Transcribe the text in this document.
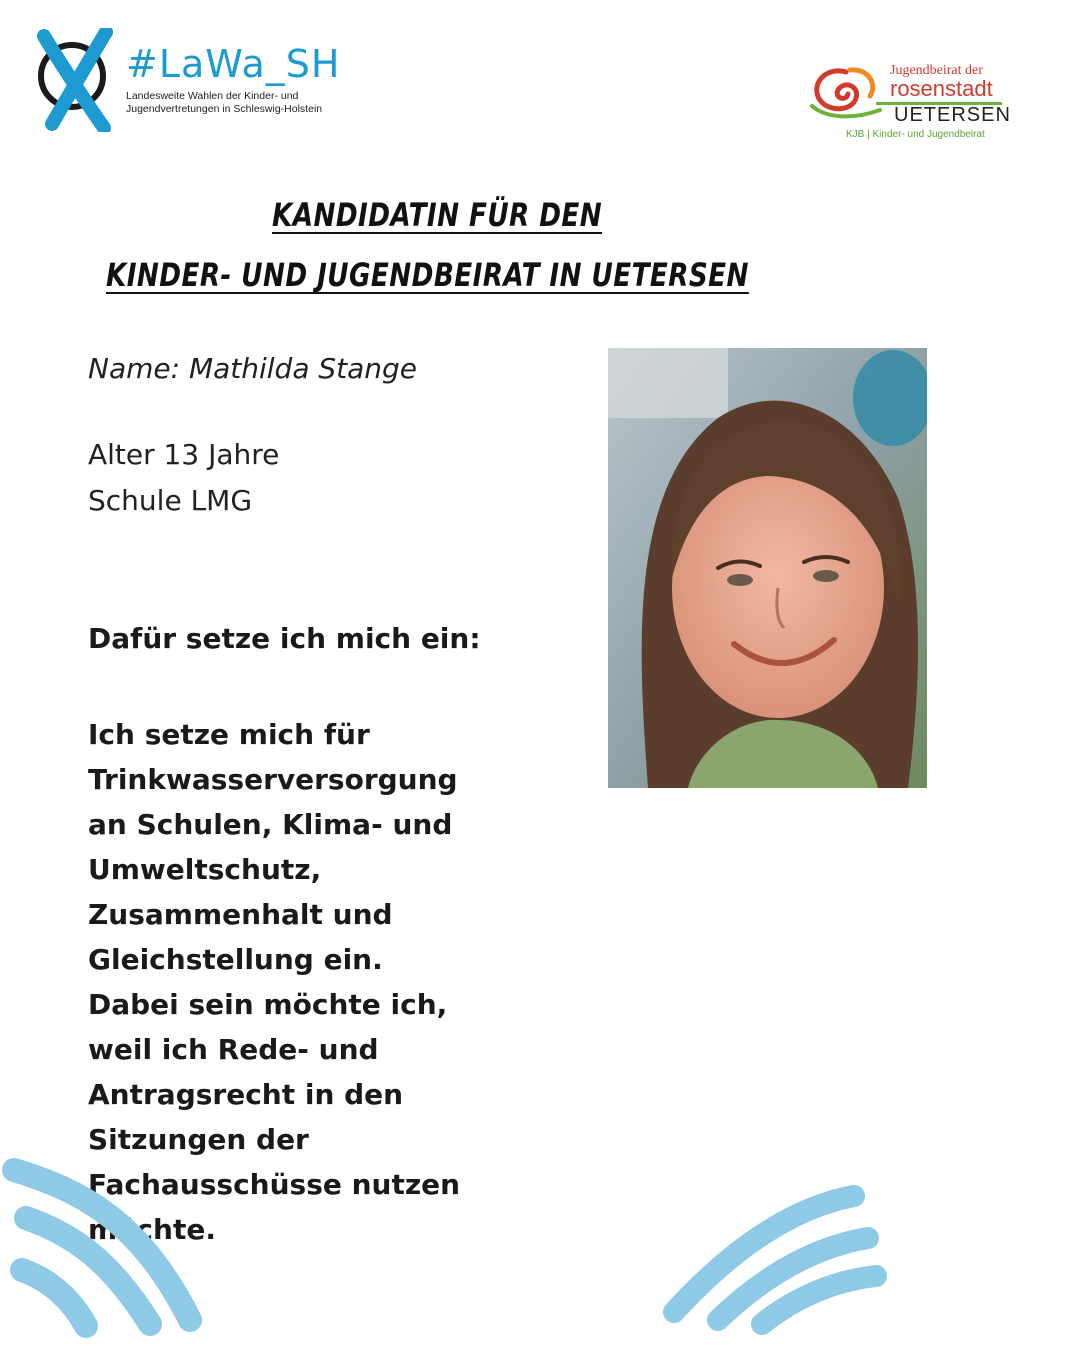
#LaWa_SH
Landesweite Wahlen der Kinder- und Jugendvertretungen in Schleswig-Holstein
Jugendbeirat der
rosenstadt
UETERSEN
KJB | Kinder- und Jugendbeirat
KANDIDATIN FÜR DEN
KINDER- UND JUGENDBEIRAT IN UETERSEN
Name: Mathilda Stange
Alter 13 Jahre
Schule LMG
Dafür setze ich mich ein:
Ich setze mich für
Trinkwasserversorgung
an Schulen, Klima- und
Umweltschutz,
Zusammenhalt und
Gleichstellung ein.
Dabei sein möchte ich,
weil ich Rede- und
Antragsrecht in den
Sitzungen der
Fachausschüsse nutzen
möchte.
